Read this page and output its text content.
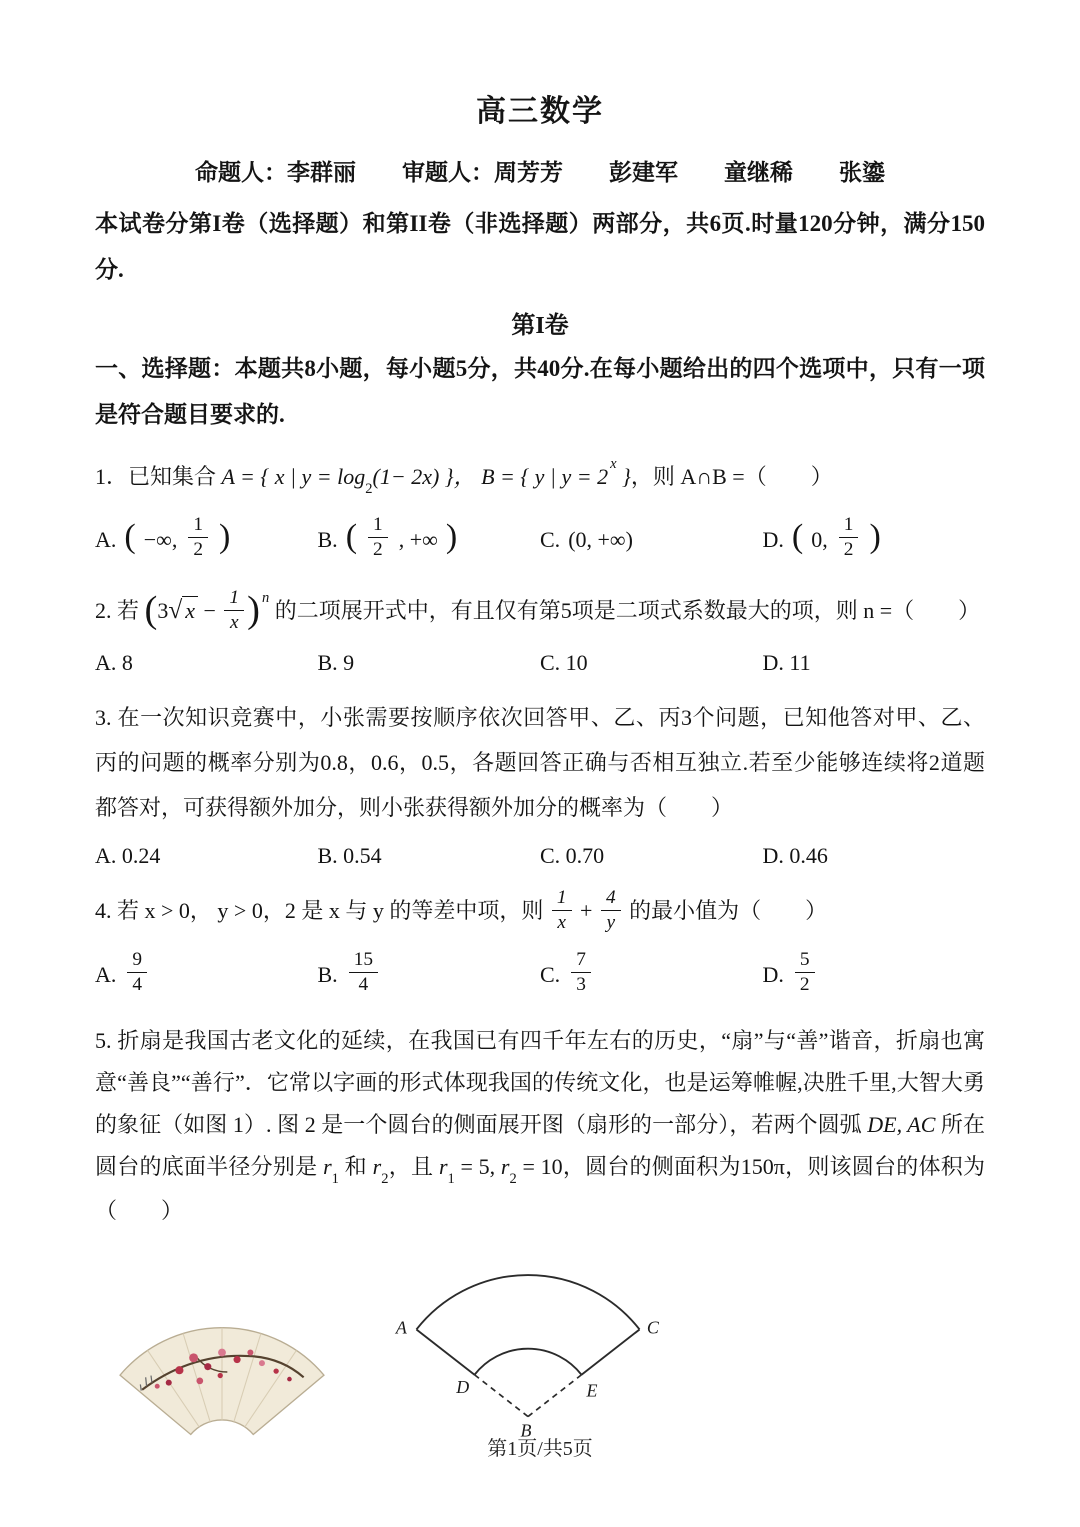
高三数学
命题人：李群丽　　审题人：周芳芳　　彭建军　　童继稀　　张鎏
本试卷分第I卷（选择题）和第II卷（非选择题）两部分，共6页.时量120分钟，满分150分.
第I卷
一、选择题：本题共8小题，每小题5分，共40分.在每小题给出的四个选项中，只有一项是符合题目要求的.
1．已知集合 A = { x | $y = \log_2(1- 2x)$ }， B = { y | $y = 2^x$ }，则 A∩B =（　　）
A. ( −∞, $\frac{1}{2}$ )	B. ( $\frac{1}{2}$ , +∞ )	C. (0, +∞)	D. ( 0, $\frac{1}{2}$ )
2. 若 (3√ $x - \frac{1}{x}$ ) $^n$ 的二项展开式中，有且仅有第5项是二项式系数最大的项，则 n =（　　）
A. 8	B. 9	C. 10	D. 11
3. 在一次知识竞赛中，小张需要按顺序依次回答甲、乙、丙3个问题，已知他答对甲、乙、丙的问题的概率分别为0.8，0.6，0.5，各题回答正确与否相互独立.若至少能够连续将2道题都答对，可获得额外加分，则小张获得额外加分的概率为（　　）
A. 0.24	B. 0.54	C. 0.70	D. 0.46
4. 若 x > 0， y > 0，2 是 x 与 y 的等差中项，则 $\frac{1}{x} + \frac{4}{y}$ 的最小值为（　　）
A. $\frac{9}{4}$	B. $\frac{15}{4}$	C. $\frac{7}{3}$	D. $\frac{5}{2}$
5. 折扇是我国古老文化的延续，在我国已有四千年左右的历史，“扇”与“善”谐音，折扇也寓意“善良”“善行”．它常以字画的形式体现我国的传统文化，也是运筹帷幄,决胜千里,大智大勇的象征（如图 1）. 图 2 是一个圆台的侧面展开图（扇形的一部分），若两个圆弧 DE, AC 所在圆台的底面半径分别是 $r_1$ 和 $r_2$，且 $r_1 = 5$, $r_2 = 10$，圆台的侧面积为150π，则该圆台的体积为（　　）
A	C
D	E
B
第1页/共5页
